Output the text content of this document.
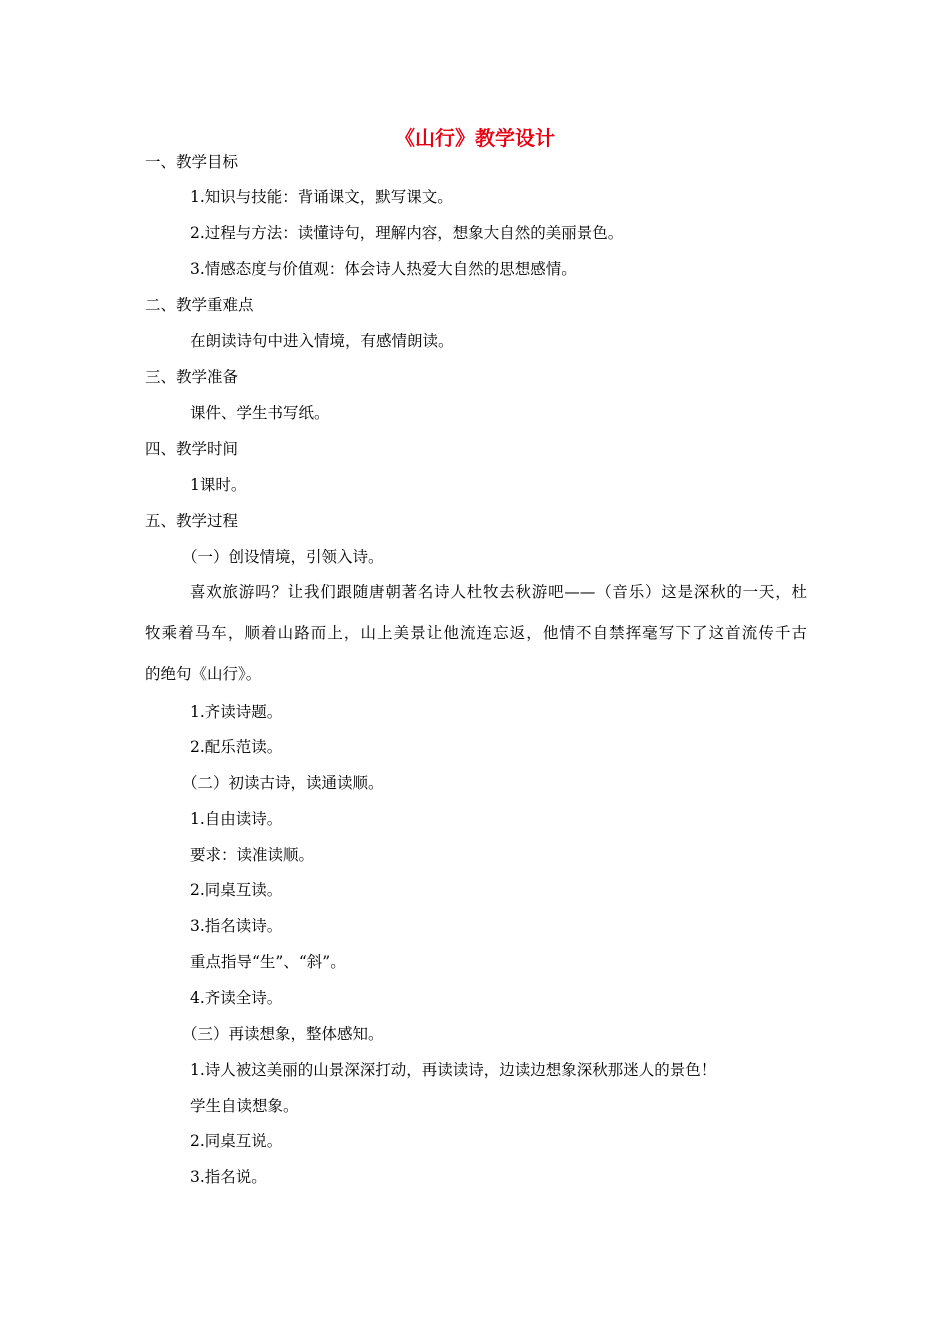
《山行》教学设计
一、教学目标
1.知识与技能：背诵课文，默写课文。
2.过程与方法：读懂诗句，理解内容，想象大自然的美丽景色。
3.情感态度与价值观：体会诗人热爱大自然的思想感情。
二、教学重难点
在朗读诗句中进入情境，有感情朗读。
三、教学准备
课件、学生书写纸。
四、教学时间
1课时。
五、教学过程
（一）创设情境，引领入诗。
喜欢旅游吗？让我们跟随唐朝著名诗人杜牧去秋游吧——（音乐）这是深秋的一天，杜
牧乘着马车，顺着山路而上，山上美景让他流连忘返，他情不自禁挥毫写下了这首流传千古
的绝句《山行》。
1.齐读诗题。
2.配乐范读。
（二）初读古诗，读通读顺。
1.自由读诗。
要求：读准读顺。
2.同桌互读。
3.指名读诗。
重点指导“生”、“斜”。
4.齐读全诗。
（三）再读想象，整体感知。
1.诗人被这美丽的山景深深打动，再读读诗，边读边想象深秋那迷人的景色！
学生自读想象。
2.同桌互说。
3.指名说。
